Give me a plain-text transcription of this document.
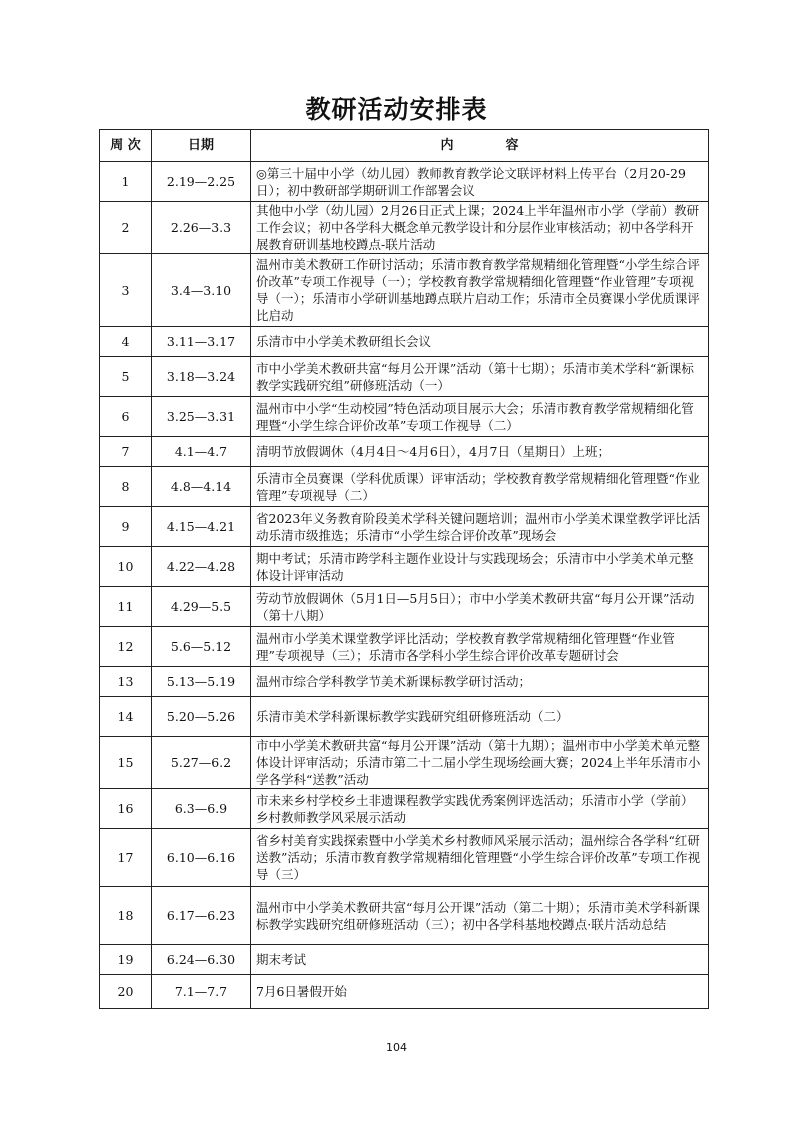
教研活动安排表
周 次	日期	内　　　　容
1	2.19—2.25	◎第三十届中小学（幼儿园）教师教育教学论文联评材料上传平台（2月20-29日）；初中教研部学期研训工作部署会议
2	2.26—3.3	其他中小学（幼儿园）2月26日正式上课；2024上半年温州市小学（学前）教研工作会议；初中各学科大概念单元教学设计和分层作业审核活动；初中各学科开展教育研训基地校蹲点-联片活动
3	3.4—3.10	温州市美术教研工作研讨活动；乐清市教育教学常规精细化管理暨“小学生综合评价改革”专项工作视导（一）；学校教育教学常规精细化管理暨“作业管理”专项视导（一）；乐清市小学研训基地蹲点联片启动工作；乐清市全员赛课小学优质课评比启动
4	3.11—3.17	乐清市中小学美术教研组长会议
5	3.18—3.24	市中小学美术教研共富“每月公开课”活动（第十七期）；乐清市美术学科“新课标教学实践研究组”研修班活动（一）
6	3.25—3.31	温州市中小学“生动校园”特色活动项目展示大会；乐清市教育教学常规精细化管理暨“小学生综合评价改革”专项工作视导（二）
7	4.1—4.7	清明节放假调休（4月4日～4月6日），4月7日（星期日）上班；
8	4.8—4.14	乐清市全员赛课（学科优质课）评审活动；学校教育教学常规精细化管理暨“作业管理”专项视导（二）
9	4.15—4.21	省2023年义务教育阶段美术学科关键问题培训；温州市小学美术课堂教学评比活动乐清市级推选；乐清市“小学生综合评价改革”现场会
10	4.22—4.28	期中考试；乐清市跨学科主题作业设计与实践现场会；乐清市中小学美术单元整体设计评审活动
11	4.29—5.5	劳动节放假调休（5月1日—5月5日）；市中小学美术教研共富“每月公开课”活动（第十八期）
12	5.6—5.12	温州市小学美术课堂教学评比活动；学校教育教学常规精细化管理暨“作业管理”专项视导（三）；乐清市各学科小学生综合评价改革专题研讨会
13	5.13—5.19	温州市综合学科教学节美术新课标教学研讨活动；
14	5.20—5.26	乐清市美术学科新课标教学实践研究组研修班活动（二）
15	5.27—6.2	市中小学美术教研共富“每月公开课”活动（第十九期）；温州市中小学美术单元整体设计评审活动；乐清市第二十二届小学生现场绘画大赛；2024上半年乐清市小学各学科“送教”活动
16	6.3—6.9	市未来乡村学校乡土非遗课程教学实践优秀案例评选活动；乐清市小学（学前）乡村教师教学风采展示活动
17	6.10—6.16	省乡村美育实践探索暨中小学美术乡村教师风采展示活动；温州综合各学科“红研送教”活动；乐清市教育教学常规精细化管理暨“小学生综合评价改革”专项工作视导（三）
18	6.17—6.23	温州市中小学美术教研共富“每月公开课”活动（第二十期）；乐清市美术学科新课标教学实践研究组研修班活动（三）；初中各学科基地校蹲点·联片活动总结
19	6.24—6.30	期末考试
20	7.1—7.7	7月6日暑假开始
104
